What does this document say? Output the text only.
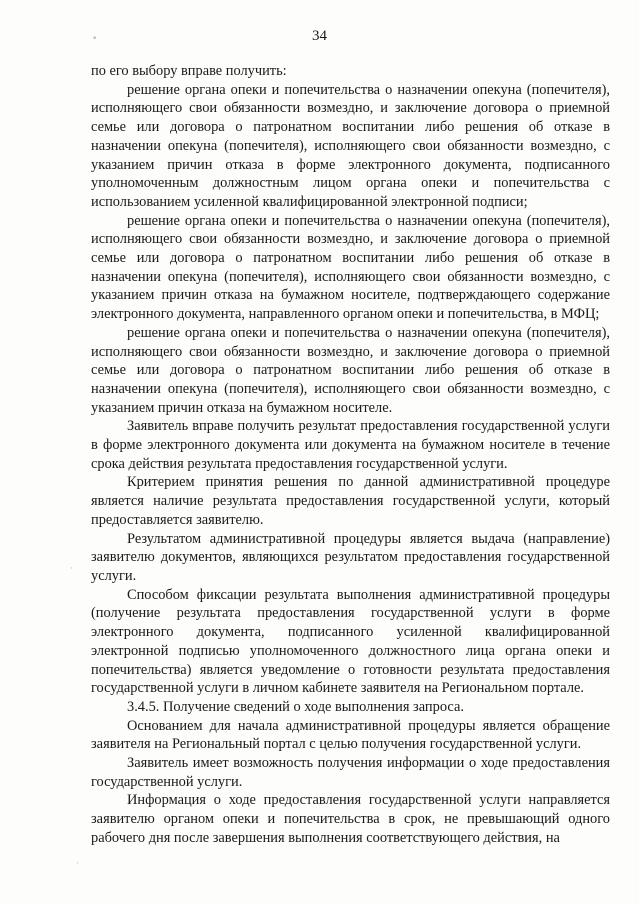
34
•
·
·

по его выбору вправе получить:

решение органа опеки и попечительства о назначении опекуна (попечителя), исполняющего свои обязанности возмездно, и заключение договора о приемной семье или договора о патронатном воспитании либо решения об отказе в назначении опекуна (попечителя), исполняющего свои обязанности возмездно, с указанием причин отказа в форме электронного документа, подписанного уполномоченным должностным лицом органа опеки и попечительства с использованием усиленной квалифицированной электронной подписи;

решение органа опеки и попечительства о назначении опекуна (попечителя), исполняющего свои обязанности возмездно, и заключение договора о приемной семье или договора о патронатном воспитании либо решения об отказе в назначении опекуна (попечителя), исполняющего свои обязанности возмездно, с указанием причин отказа на бумажном носителе, подтверждающего содержание электронного документа, направленного органом опеки и попечительства, в МФЦ;

решение органа опеки и попечительства о назначении опекуна (попечителя), исполняющего свои обязанности возмездно, и заключение договора о приемной семье или договора о патронатном воспитании либо решения об отказе в назначении опекуна (попечителя), исполняющего свои обязанности возмездно, с указанием причин отказа на бумажном носителе.

Заявитель вправе получить результат предоставления государственной услуги в форме электронного документа или документа на бумажном носителе в течение срока действия результата предоставления государственной услуги.

Критерием принятия решения по данной административной процедуре является наличие результата предоставления государственной услуги, который предоставляется заявителю.

Результатом административной процедуры является выдача (направление) заявителю документов, являющихся результатом предоставления государственной услуги.

Способом фиксации результата выполнения административной процедуры (получение результата предоставления государственной услуги в форме электронного документа, подписанного усиленной квалифицированной электронной подписью уполномоченного должностного лица органа опеки и попечительства) является уведомление о готовности результата предоставления государственной услуги в личном кабинете заявителя на Региональном портале.

3.4.5. Получение сведений о ходе выполнения запроса.

Основанием для начала административной процедуры является обращение заявителя на Региональный портал с целью получения государственной услуги.

Заявитель имеет возможность получения информации о ходе предоставления государственной услуги.

Информация о ходе предоставления государственной услуги направляется заявителю органом опеки и попечительства в срок, не превышающий одного рабочего дня после завершения выполнения соответствующего действия, на
